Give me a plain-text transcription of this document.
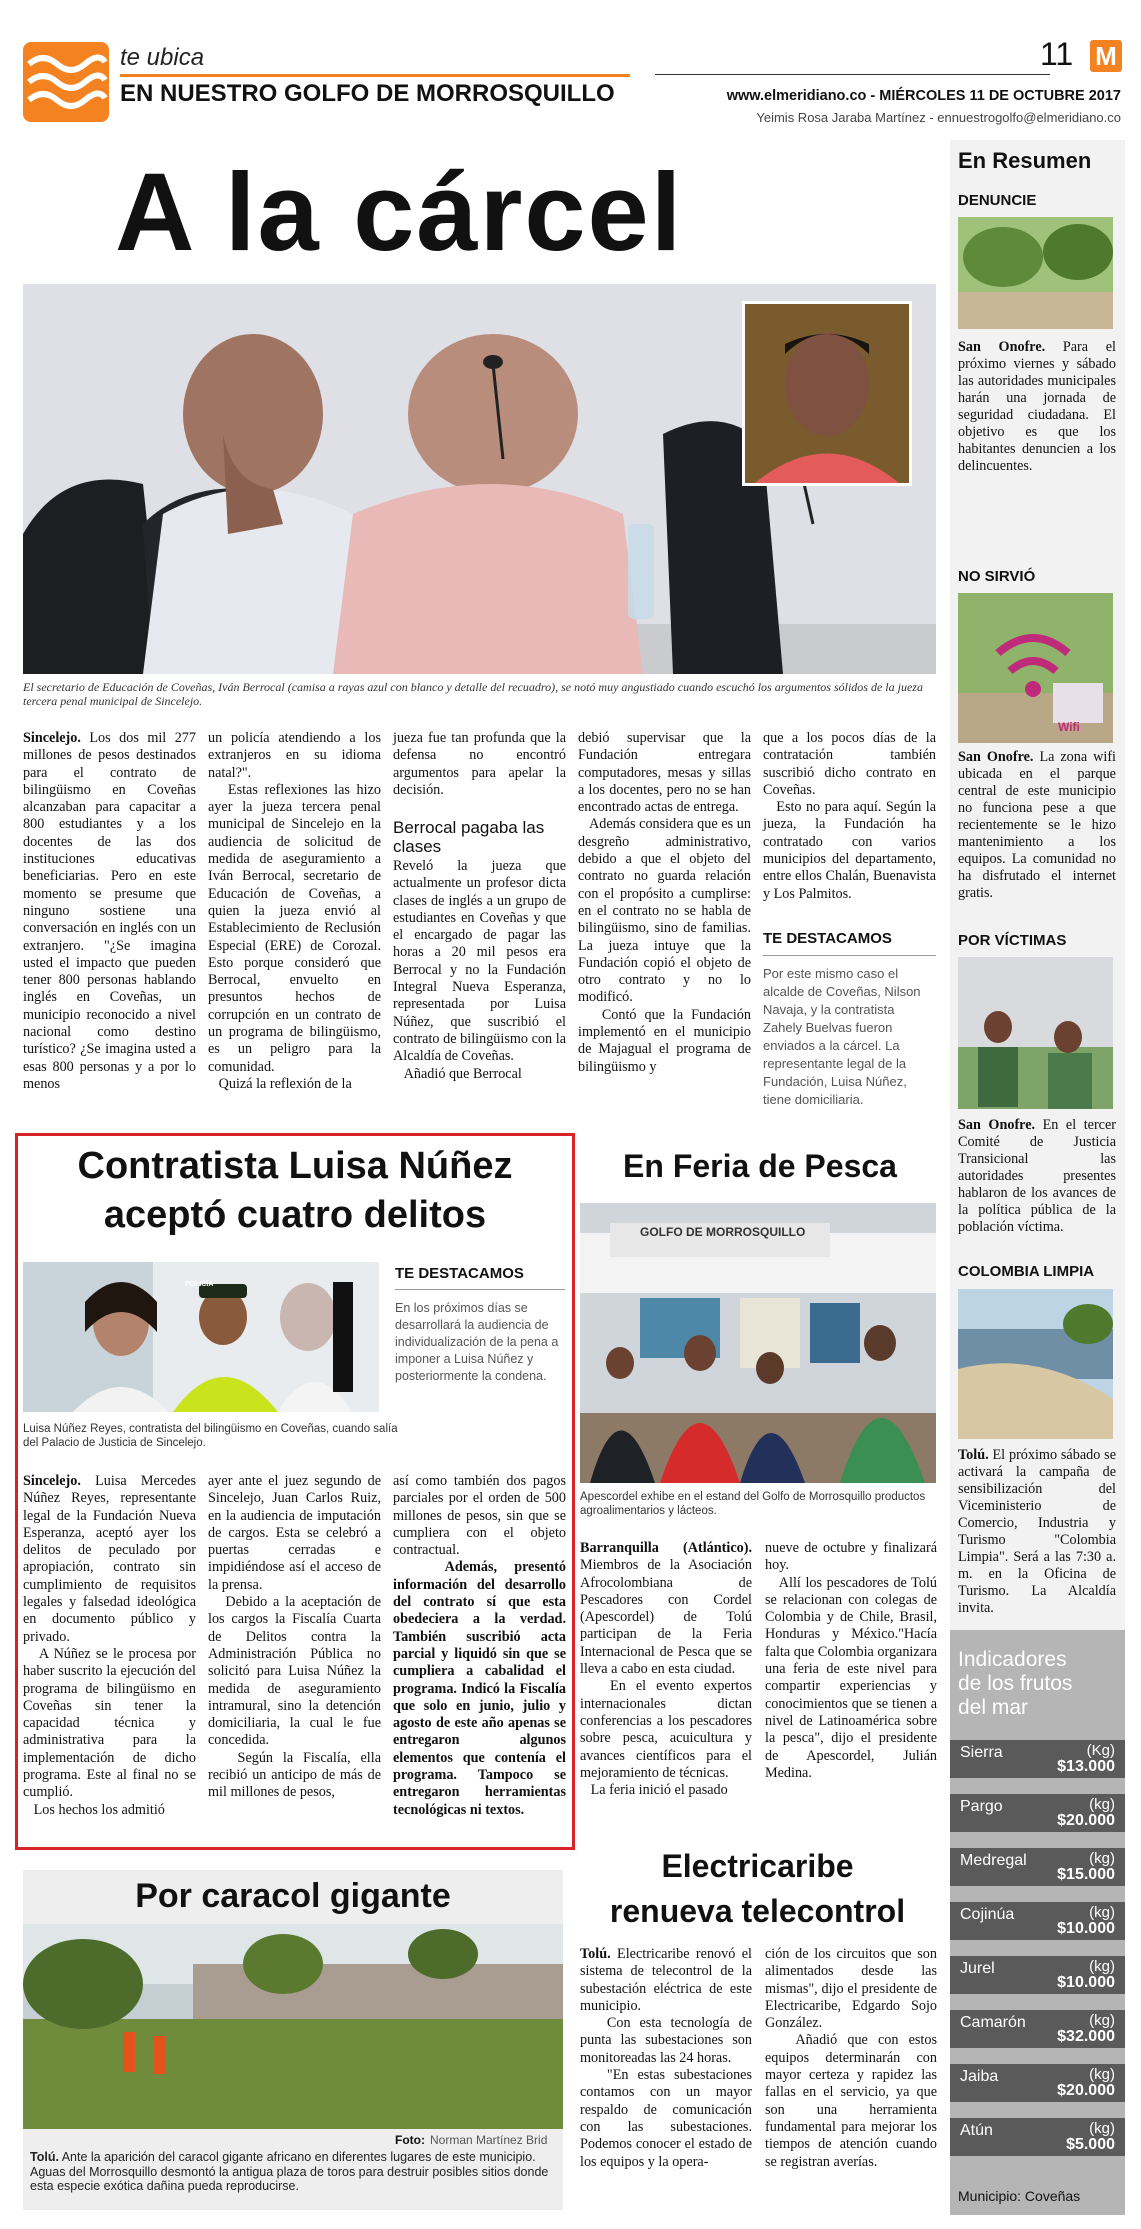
te ubica
EN NUESTRO GOLFO DE MORROSQUILLO
11 M
www.elmeridiano.co - MIÉRCOLES 11 DE OCTUBRE 2017
Yeimis Rosa Jaraba Martínez - ennuestrogolfo@elmeridiano.co
A la cárcel
El secretario de Educación de Coveñas, Iván Berrocal (camisa a rayas azul con blanco y detalle del recuadro), se notó muy angustiado cuando escuchó los argumentos sólidos de la jueza tercera penal municipal de Sincelejo.
Sincelejo. Los dos mil 277 millones de pesos destinados para el contrato de bilingüismo en Coveñas alcanzaban para capacitar a 800 estudiantes y a los docentes de las dos instituciones educativas beneficiarias. Pero en este momento se presume que ninguno sostiene una conversación en inglés con un extranjero. "¿Se imagina usted el impacto que pueden tener 800 personas hablando inglés en Coveñas, un municipio reconocido a nivel nacional como destino turístico? ¿Se imagina usted a esas 800 personas y a por lo menos
un policía atendiendo a los extranjeros en su idioma natal?".
Estas reflexiones las hizo ayer la jueza tercera penal municipal de Sincelejo en la audiencia de solicitud de medida de aseguramiento a Iván Berrocal, secretario de Educación de Coveñas, a quien la jueza envió al Establecimiento de Reclusión Especial (ERE) de Corozal. Esto porque consideró que Berrocal, envuelto en presuntos hechos de corrupción en un contrato de un programa de bilingüismo, es un peligro para la comunidad.
Quizá la reflexión de la
jueza fue tan profunda que la defensa no encontró argumentos para apelar la decisión.
Berrocal pagaba las clases
Reveló la jueza que actualmente un profesor dicta clases de inglés a un grupo de estudiantes en Coveñas y que el encargado de pagar las horas a 20 mil pesos era Berrocal y no la Fundación Integral Nueva Esperanza, representada por Luisa Núñez, que suscribió el contrato de bilingüismo con la Alcaldía de Coveñas.
Añadió que Berrocal
debió supervisar que la Fundación entregara computadores, mesas y sillas a los docentes, pero no se han encontrado actas de entrega.
Además considera que es un desgreño administrativo, debido a que el objeto del contrato no guarda relación con el propósito a cumplirse: en el contrato no se habla de bilingüismo, sino de familias. La jueza intuye que la Fundación copió el objeto de otro contrato y no lo modificó.
Contó que la Fundación implementó en el municipio de Majagual el programa de bilingüismo y
que a los pocos días de la contratación también suscribió dicho contrato en Coveñas.
Esto no para aquí. Según la jueza, la Fundación ha contratado con varios municipios del departamento, entre ellos Chalán, Buenavista y Los Palmitos.
TE DESTACAMOS
Por este mismo caso el alcalde de Coveñas, Nilson Navaja, y la contratista Zahely Buelvas fueron enviados a la cárcel. La representante legal de la Fundación, Luisa Núñez, tiene domiciliaria.
Contratista Luisa Núñez
aceptó cuatro delitos
POLICÍA
TE DESTACAMOS
En los próximos días se desarrollará la audiencia de individualización de la pena a imponer a Luisa Núñez y posteriormente la condena.
Luisa Núñez Reyes, contratista del bilingüismo en Coveñas, cuando salía del Palacio de Justicia de Sincelejo.
Sincelejo. Luisa Mercedes Núñez Reyes, representante legal de la Fundación Nueva Esperanza, aceptó ayer los delitos de peculado por apropiación, contrato sin cumplimiento de requisitos legales y falsedad ideológica en documento público y privado.
A Núñez se le procesa por haber suscrito la ejecución del programa de bilingüismo en Coveñas sin tener la capacidad técnica y administrativa para la implementación de dicho programa. Este al final no se cumplió.
Los hechos los admitió
ayer ante el juez segundo de Sincelejo, Juan Carlos Ruiz, en la audiencia de imputación de cargos. Esta se celebró a puertas cerradas e impidiéndose así el acceso de la prensa.
Debido a la aceptación de los cargos la Fiscalía Cuarta de Delitos contra la Administración Pública no solicitó para Luisa Núñez la medida de aseguramiento intramural, sino la detención domiciliaria, la cual le fue concedida.
Según la Fiscalía, ella recibió un anticipo de más de mil millones de pesos,
así como también dos pagos parciales por el orden de 500 millones de pesos, sin que se cumpliera con el objeto contractual.
Además, presentó información del desarrollo del contrato sí que esta obedeciera a la verdad. También suscribió acta parcial y liquidó sin que se cumpliera a cabalidad el programa. Indicó la Fiscalía que solo en junio, julio y agosto de este año apenas se entregaron algunos elementos que contenía el programa. Tampoco se entregaron herramientas tecnológicas ni textos.
En Feria de Pesca
GOLFO DE MORROSQUILLO
Apescordel exhibe en el estand del Golfo de Morrosquillo productos agroalimentarios y lácteos.
Barranquilla (Atlántico). Miembros de la Asociación Afrocolombiana de Pescadores con Cordel (Apescordel) de Tolú participan de la Feria Internacional de Pesca que se lleva a cabo en esta ciudad.
En el evento expertos internacionales dictan conferencias a los pescadores sobre pesca, acuicultura y avances científicos para el mejoramiento de técnicas.
La feria inició el pasado
nueve de octubre y finalizará hoy.
Allí los pescadores de Tolú se relacionan con colegas de Colombia y de Chile, Brasil, Honduras y México."Hacía falta que Colombia organizara una feria de este nivel para compartir experiencias y conocimientos que se tienen a nivel de Latinoamérica sobre la pesca", dijo el presidente de Apescordel, Julián Medina.
Por caracol gigante
Foto: Norman Martínez Brid
Tolú. Ante la aparición del caracol gigante africano en diferentes lugares de este municipio. Aguas del Morrosquillo desmontó la antigua plaza de toros para destruir posibles sitios donde esta especie exótica dañina pueda reproducirse.
Electricaribe
renueva telecontrol
Tolú. Electricaribe renovó el sistema de telecontrol de la subestación eléctrica de este municipio.
Con esta tecnología de punta las subestaciones son monitoreadas las 24 horas.
"En estas subestaciones contamos con un mayor respaldo de comunicación con las subestaciones. Podemos conocer el estado de los equipos y la opera-
ción de los circuitos que son alimentados desde las mismas", dijo el presidente de Electricaribe, Edgardo Sojo González.
Añadió que con estos equipos determinarán con mayor certeza y rapidez las fallas en el servicio, ya que son una herramienta fundamental para mejorar los tiempos de atención cuando se registran averías.
En Resumen
DENUNCIE
San Onofre. Para el próximo viernes y sábado las autoridades municipales harán una jornada de seguridad ciudadana. El objetivo es que los habitantes denuncien a los delincuentes.
NO SIRVIÓ
Wifi
San Onofre. La zona wifi ubicada en el parque central de este municipio no funciona pese a que recientemente se le hizo mantenimiento a los equipos. La comunidad no ha disfrutado el internet gratis.
POR VÍCTIMAS
San Onofre. En el tercer Comité de Justicia Transicional las autoridades presentes hablaron de los avances de la política pública de la población víctima.
COLOMBIA LIMPIA
Tolú. El próximo sábado se activará la campaña de sensibilización del Viceministerio de Comercio, Industria y Turismo "Colombia Limpia". Será a las 7:30 a. m. en la Oficina de Turismo. La Alcaldía invita.
Indicadores
de los frutos
del mar
Sierra	(Kg)
$13.000
Pargo	(kg)
$20.000
Medregal	(kg)
$15.000
Cojinúa	(kg)
$10.000
Jurel	(kg)
$10.000
Camarón	(kg)
$32.000
Jaiba	(kg)
$20.000
Atún	(kg)
$5.000
Municipio: Coveñas
